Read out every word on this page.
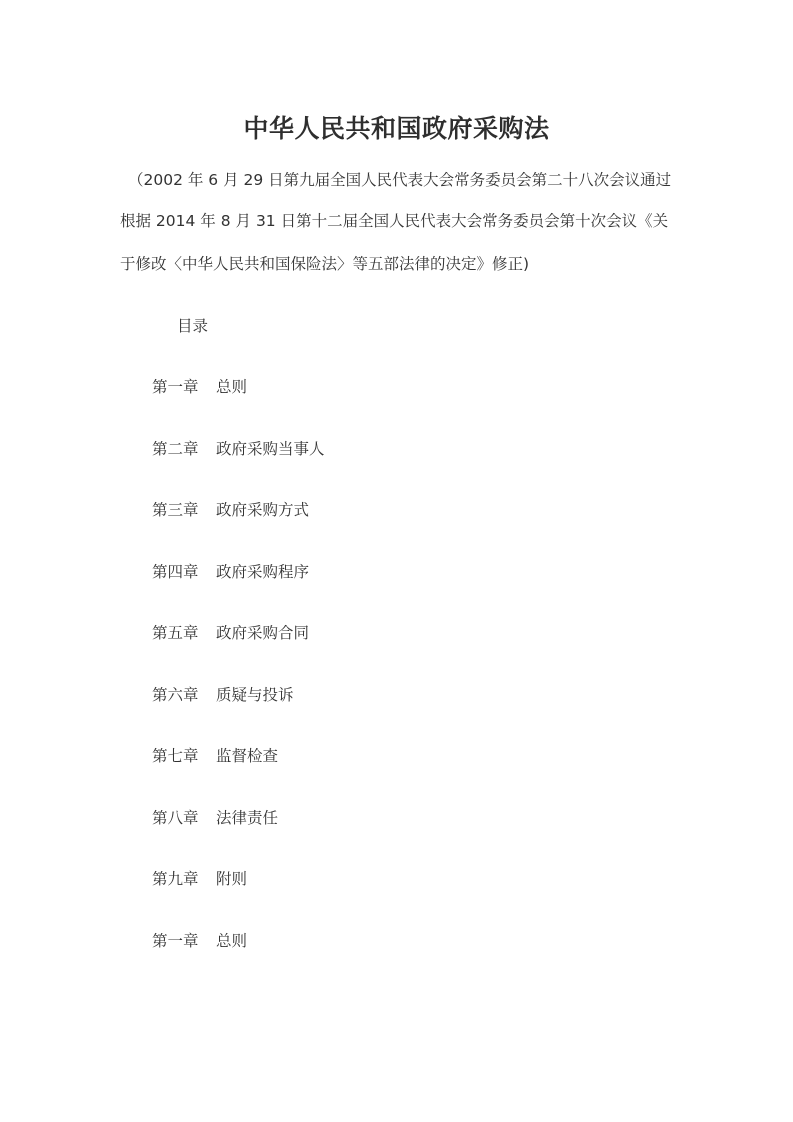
中华人民共和国政府采购法
（2002 年 6 月 29 日第九届全国人民代表大会常务委员会第二十八次会议通过
根据 2014 年 8 月 31 日第十二届全国人民代表大会常务委员会第十次会议《关
于修改〈中华人民共和国保险法〉等五部法律的决定》修正)
目录
第一章 总则
第二章 政府采购当事人
第三章 政府采购方式
第四章 政府采购程序
第五章 政府采购合同
第六章 质疑与投诉
第七章 监督检查
第八章 法律责任
第九章 附则
第一章 总则
